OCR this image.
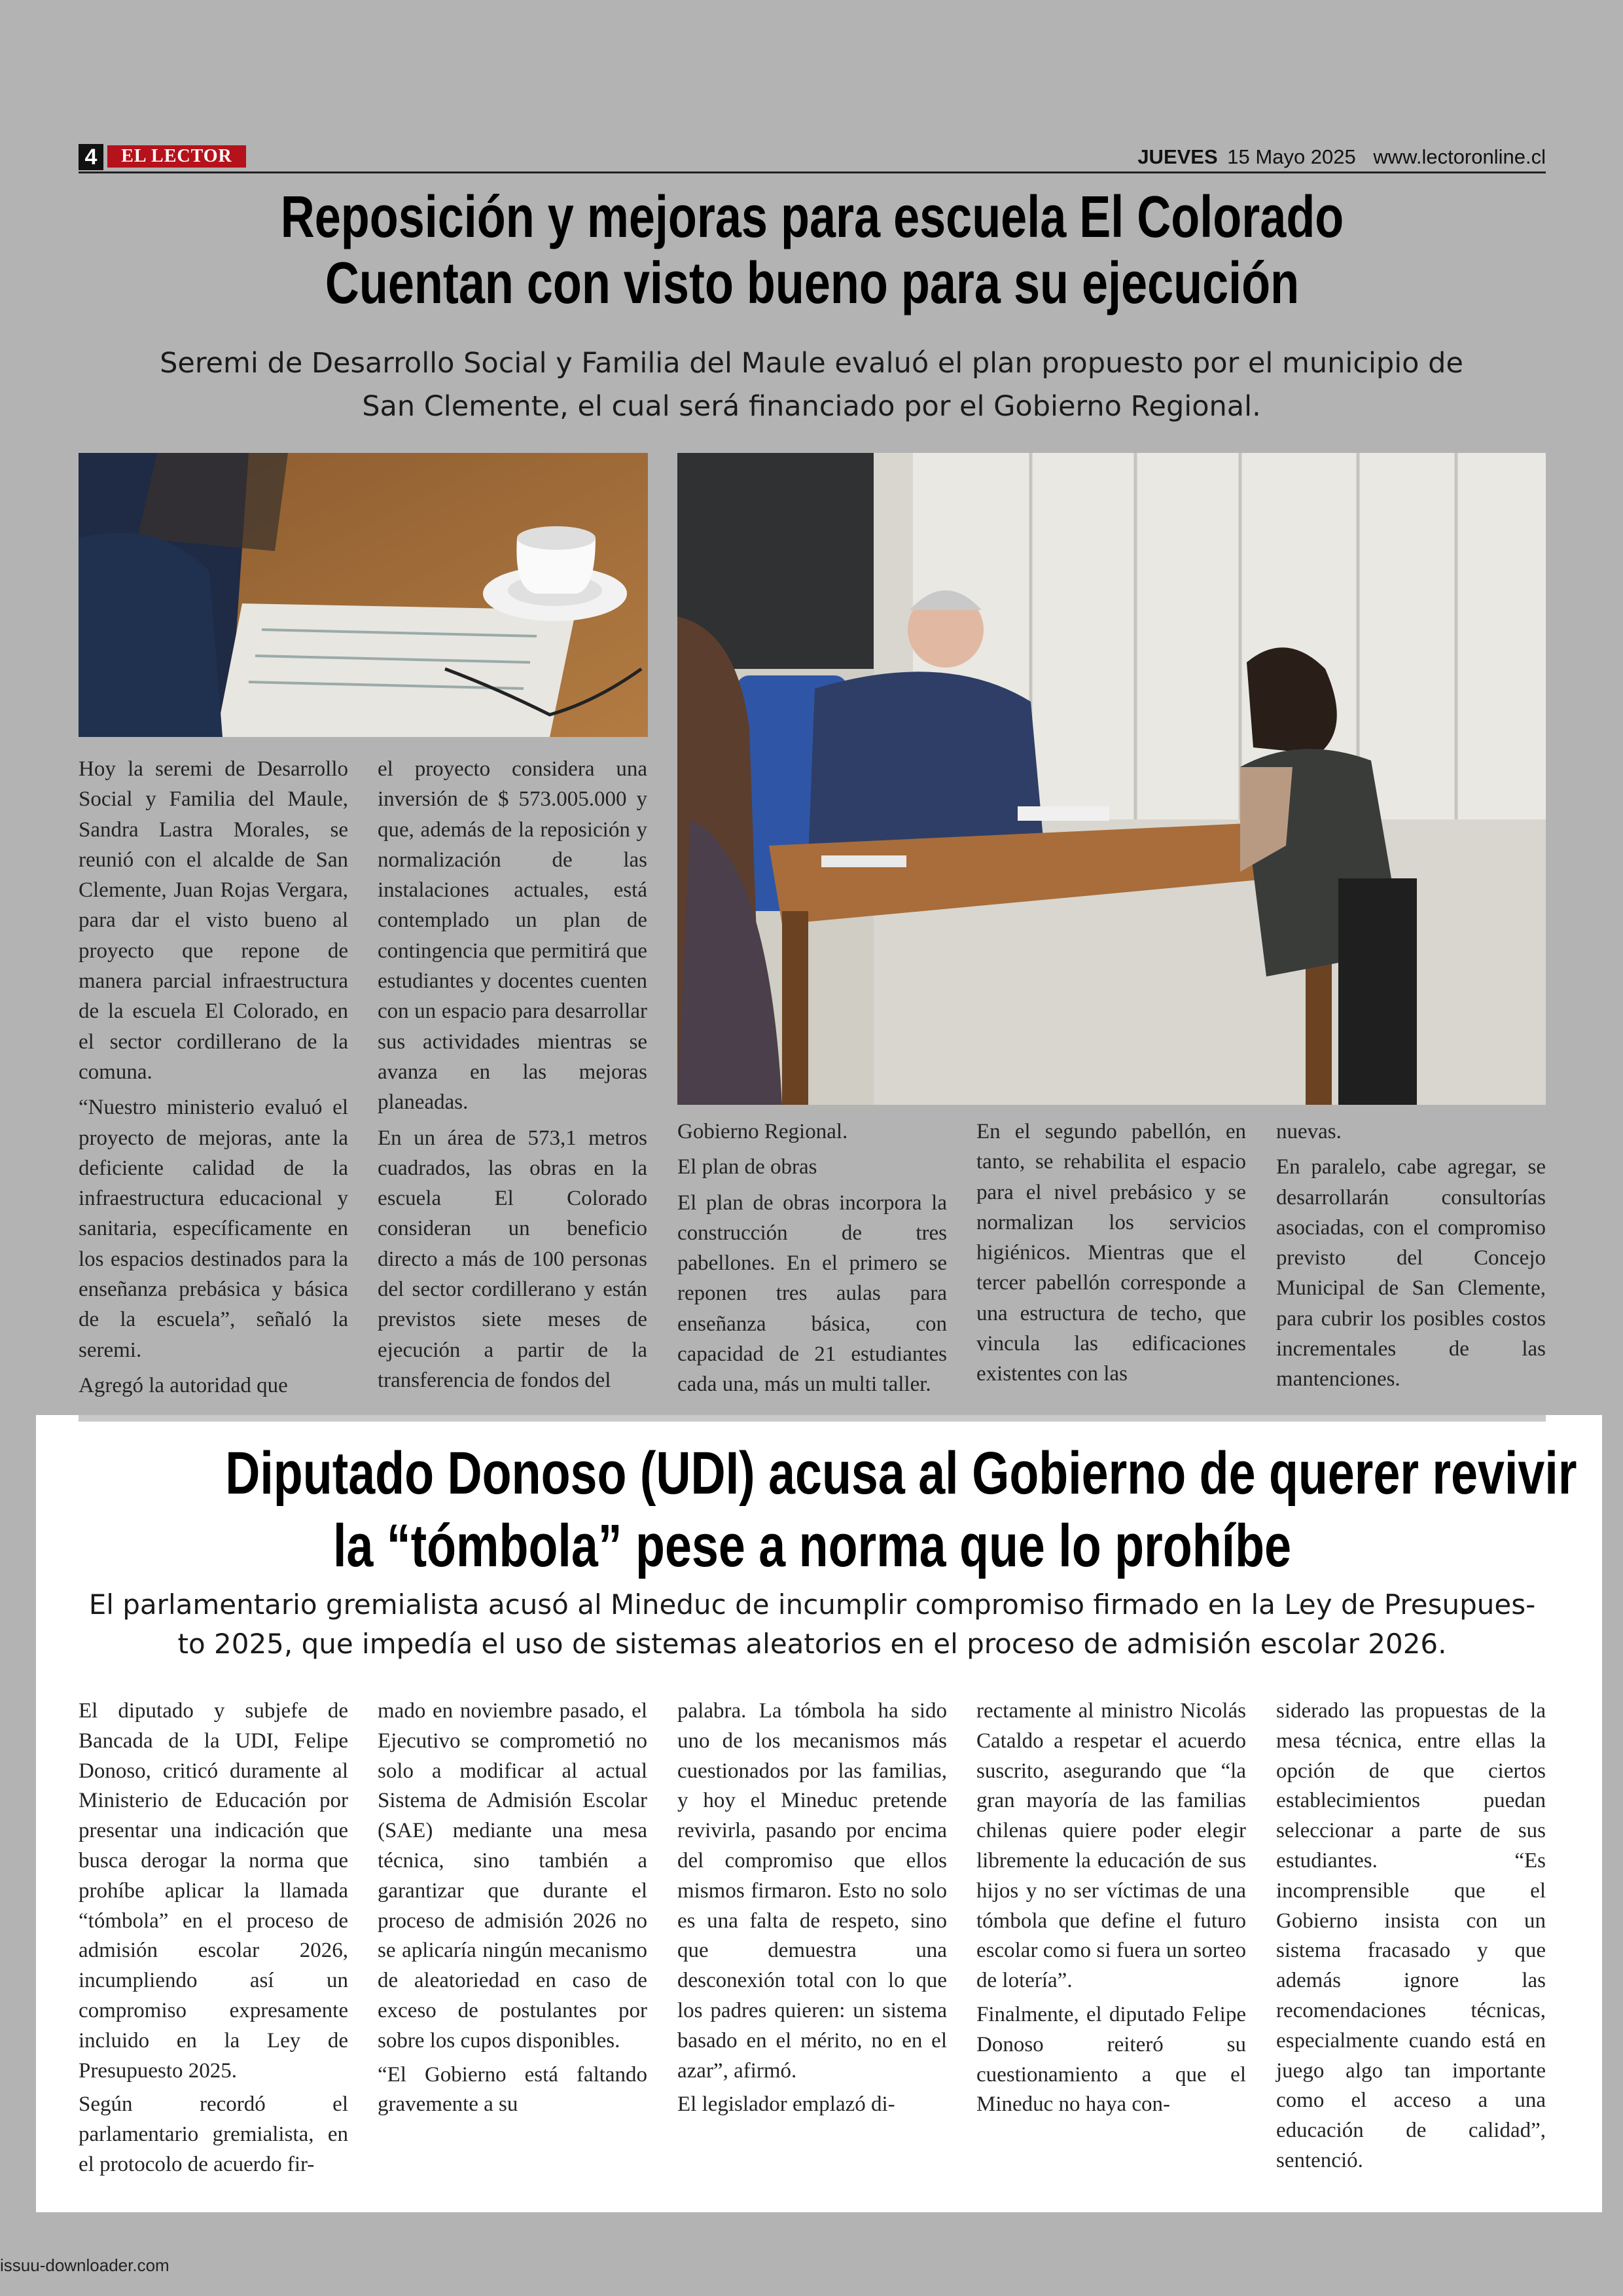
4	EL LECTOR	JUEVES 15 Mayo 2025 www.lectoronline.cl
Reposición y mejoras para escuela El Colorado
Cuentan con visto bueno para su ejecución
Seremi de Desarrollo Social y Familia del Maule evaluó el plan propuesto por el municipio de
San Clemente, el cual será financiado por el Gobierno Regional.

Hoy la seremi de Desarrollo Social y Familia del Maule, Sandra Lastra Morales, se reunió con el alcalde de San Clemente, Juan Rojas Vergara, para dar el visto bueno al proyecto que repone de manera parcial infraestructura de la escuela El Colorado, en el sector cordillerano de la comuna.

“Nuestro ministerio evaluó el proyecto de mejoras, ante la deficiente calidad de la infraestructura educacional y sanitaria, específicamente en los espacios destinados para la enseñanza prebásica y básica de la escuela”, señaló la seremi.

Agregó la autoridad que

el proyecto considera una inversión de $ 573.005.000 y que, además de la reposición y normalización de las instalaciones actuales, está contemplado un plan de contingencia que permitirá que estudiantes y docentes cuenten con un espacio para desarrollar sus actividades mientras se avanza en las mejoras planeadas.

En un área de 573,1 metros cuadrados, las obras en la escuela El Colorado consideran un beneficio directo a más de 100 personas del sector cordillerano y están previstos siete meses de ejecución a partir de la transferencia de fondos del

Gobierno Regional.

El plan de obras

El plan de obras incorpora la construcción de tres pabellones. En el primero se reponen tres aulas para enseñanza básica, con capacidad de 21 estudiantes cada una, más un multi taller.

En el segundo pabellón, en tanto, se rehabilita el espacio para el nivel prebásico y se normalizan los servicios higiénicos. Mientras que el tercer pabellón corresponde a una estructura de techo, que vincula las edificaciones existentes con las

nuevas.

En paralelo, cabe agregar, se desarrollarán consultorías asociadas, con el compromiso previsto del Concejo Municipal de San Clemente, para cubrir los posibles costos incrementales de las mantenciones.

Diputado Donoso (UDI) acusa al Gobierno de querer revivir
la “tómbola” pese a norma que lo prohíbe
El parlamentario gremialista acusó al Mineduc de incumplir compromiso firmado en la Ley de Presupues-
to 2025, que impedía el uso de sistemas aleatorios en el proceso de admisión escolar 2026.

El diputado y subjefe de Bancada de la UDI, Felipe Donoso, criticó duramente al Ministerio de Educación por presentar una indicación que busca derogar la norma que prohíbe aplicar la llamada “tómbola” en el proceso de admisión escolar 2026, incumpliendo así un compromiso expresamente incluido en la Ley de Presupuesto 2025.

Según recordó el parlamentario gremialista, en el protocolo de acuerdo fir-

mado en noviembre pasado, el Ejecutivo se comprometió no solo a modificar al actual Sistema de Admisión Escolar (SAE) mediante una mesa técnica, sino también a garantizar que durante el proceso de admisión 2026 no se aplicaría ningún mecanismo de aleatoriedad en caso de exceso de postulantes por sobre los cupos disponibles.

“El Gobierno está faltando gravemente a su

palabra. La tómbola ha sido uno de los mecanismos más cuestionados por las familias, y hoy el Mineduc pretende revivirla, pasando por encima del compromiso que ellos mismos firmaron. Esto no solo es una falta de respeto, sino que demuestra una desconexión total con lo que los padres quieren: un sistema basado en el mérito, no en el azar”, afirmó.

El legislador emplazó di-

rectamente al ministro Nicolás Cataldo a respetar el acuerdo suscrito, asegurando que “la gran mayoría de las familias chilenas quiere poder elegir libremente la educación de sus hijos y no ser víctimas de una tómbola que define el futuro escolar como si fuera un sorteo de lotería”.

Finalmente, el diputado Felipe Donoso reiteró su cuestionamiento a que el Mineduc no haya con-

siderado las propuestas de la mesa técnica, entre ellas la opción de que ciertos establecimientos puedan seleccionar a parte de sus estudiantes. “Es incomprensible que el Gobierno insista con un sistema fracasado y que además ignore las recomendaciones técnicas, especialmente cuando está en juego algo tan importante como el acceso a una educación de calidad”, sentenció.

issuu-downloader.com
